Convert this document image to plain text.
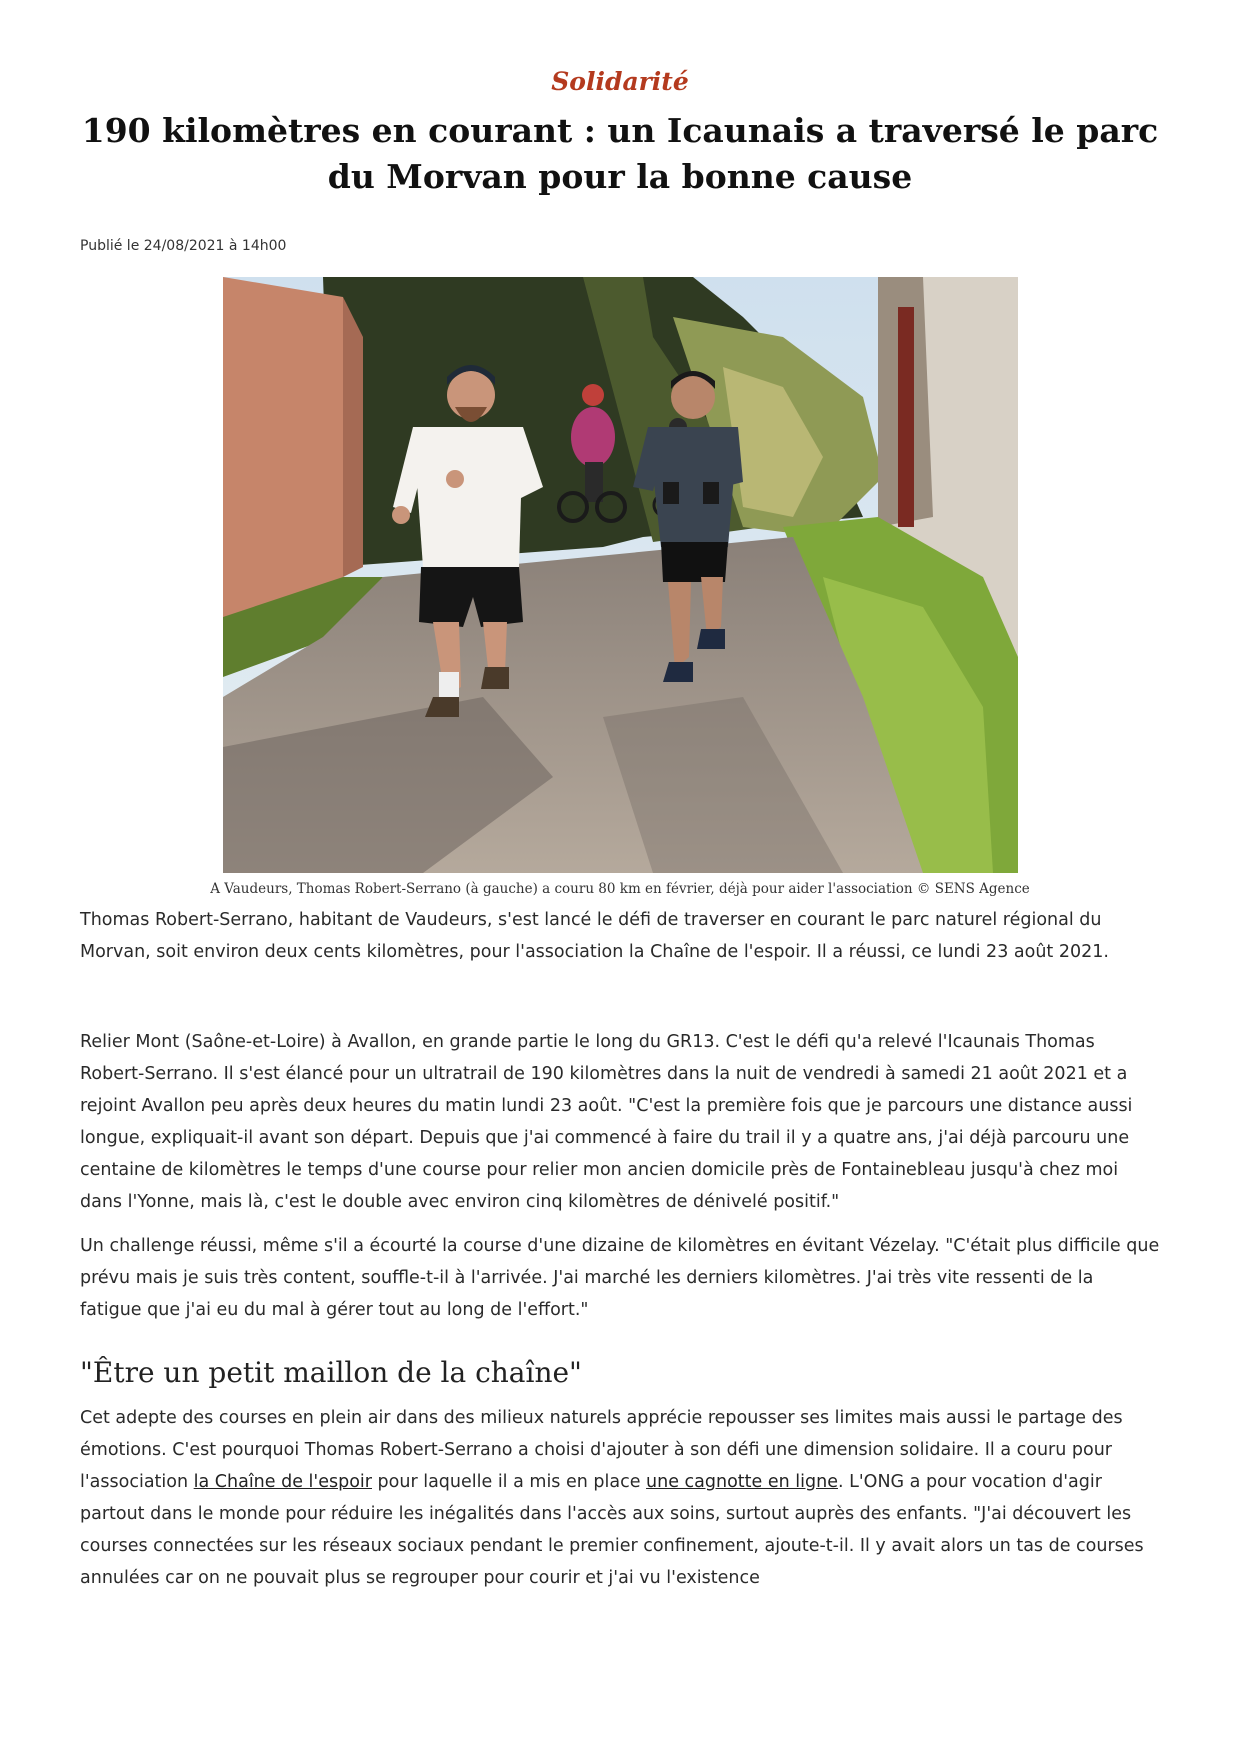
Solidarité
190 kilomètres en courant : un Icaunais a traversé le parc du Morvan pour la bonne cause
Publié le 24/08/2021 à 14h00
A Vaudeurs, Thomas Robert-Serrano (à gauche) a couru 80 km en février, déjà pour aider l'association © SENS Agence

Thomas Robert-Serrano, habitant de Vaudeurs, s'est lancé le défi de traverser en courant le parc naturel régional du Morvan, soit environ deux cents kilomètres, pour l'association la Chaîne de l'espoir. Il a réussi, ce lundi 23 août 2021.

Relier Mont (Saône-et-Loire) à Avallon, en grande partie le long du GR13. C'est le défi qu'a relevé l'Icaunais Thomas Robert-Serrano. Il s'est élancé pour un ultratrail de 190 kilomètres dans la nuit de vendredi à samedi 21 août 2021 et a rejoint Avallon peu après deux heures du matin lundi 23 août. "C'est la première fois que je parcours une distance aussi longue, expliquait-il avant son départ. Depuis que j'ai commencé à faire du trail il y a quatre ans, j'ai déjà parcouru une centaine de kilomètres le temps d'une course pour relier mon ancien domicile près de Fontainebleau jusqu'à chez moi dans l'Yonne, mais là, c'est le double avec environ cinq kilomètres de dénivelé positif."

Un challenge réussi, même s'il a écourté la course d'une dizaine de kilomètres en évitant Vézelay. "C'était plus difficile que prévu mais je suis très content, souffle-t-il à l'arrivée. J'ai marché les derniers kilomètres. J'ai très vite ressenti de la fatigue que j'ai eu du mal à gérer tout au long de l'effort."

"Être un petit maillon de la chaîne"

Cet adepte des courses en plein air dans des milieux naturels apprécie repousser ses limites mais aussi le partage des émotions. C'est pourquoi Thomas Robert-Serrano a choisi d'ajouter à son défi une dimension solidaire. Il a couru pour l'association la Chaîne de l'espoir pour laquelle il a mis en place une cagnotte en ligne. L'ONG a pour vocation d'agir partout dans le monde pour réduire les inégalités dans l'accès aux soins, surtout auprès des enfants. "J'ai découvert les courses connectées sur les réseaux sociaux pendant le premier confinement, ajoute-t-il. Il y avait alors un tas de courses annulées car on ne pouvait plus se regrouper pour courir et j'ai vu l'existence
